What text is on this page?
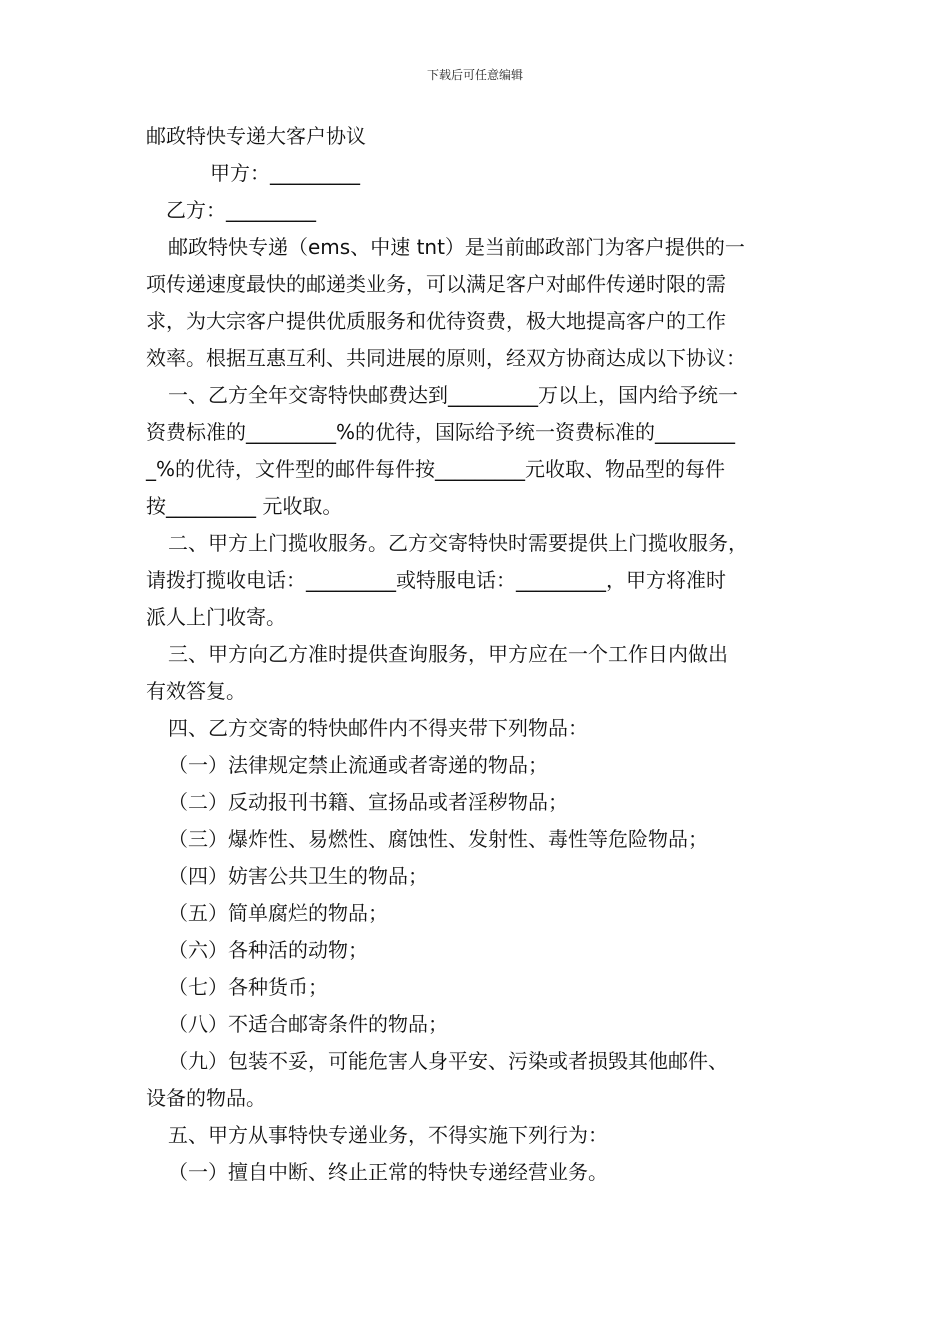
下载后可任意编辑
邮政特快专递大客户协议
甲方：_________
乙方：_________
邮政特快专递（ems、中速 tnt）是当前邮政部门为客户提供的一
项传递速度最快的邮递类业务，可以满足客户对邮件传递时限的需
求，为大宗客户提供优质服务和优待资费，极大地提高客户的工作
效率。根据互惠互利、共同进展的原则，经双方协商达成以下协议：
一、乙方全年交寄特快邮费达到_________万以上，国内给予统一
资费标准的_________%的优待，国际给予统一资费标准的________
_%的优待，文件型的邮件每件按_________元收取、物品型的每件
按_________ 元收取。
二、甲方上门揽收服务。乙方交寄特快时需要提供上门揽收服务，
请拨打揽收电话：_________或特服电话：_________，甲方将准时
派人上门收寄。
三、甲方向乙方准时提供查询服务，甲方应在一个工作日内做出
有效答复。
四、乙方交寄的特快邮件内不得夹带下列物品：
（一）法律规定禁止流通或者寄递的物品；
（二）反动报刊书籍、宣扬品或者淫秽物品；
（三）爆炸性、易燃性、腐蚀性、发射性、毒性等危险物品；
（四）妨害公共卫生的物品；
（五）简单腐烂的物品；
（六）各种活的动物；
（七）各种货币；
（八）不适合邮寄条件的物品；
（九）包装不妥，可能危害人身平安、污染或者损毁其他邮件、
设备的物品。
五、甲方从事特快专递业务，不得实施下列行为：
（一）擅自中断、终止正常的特快专递经营业务。
